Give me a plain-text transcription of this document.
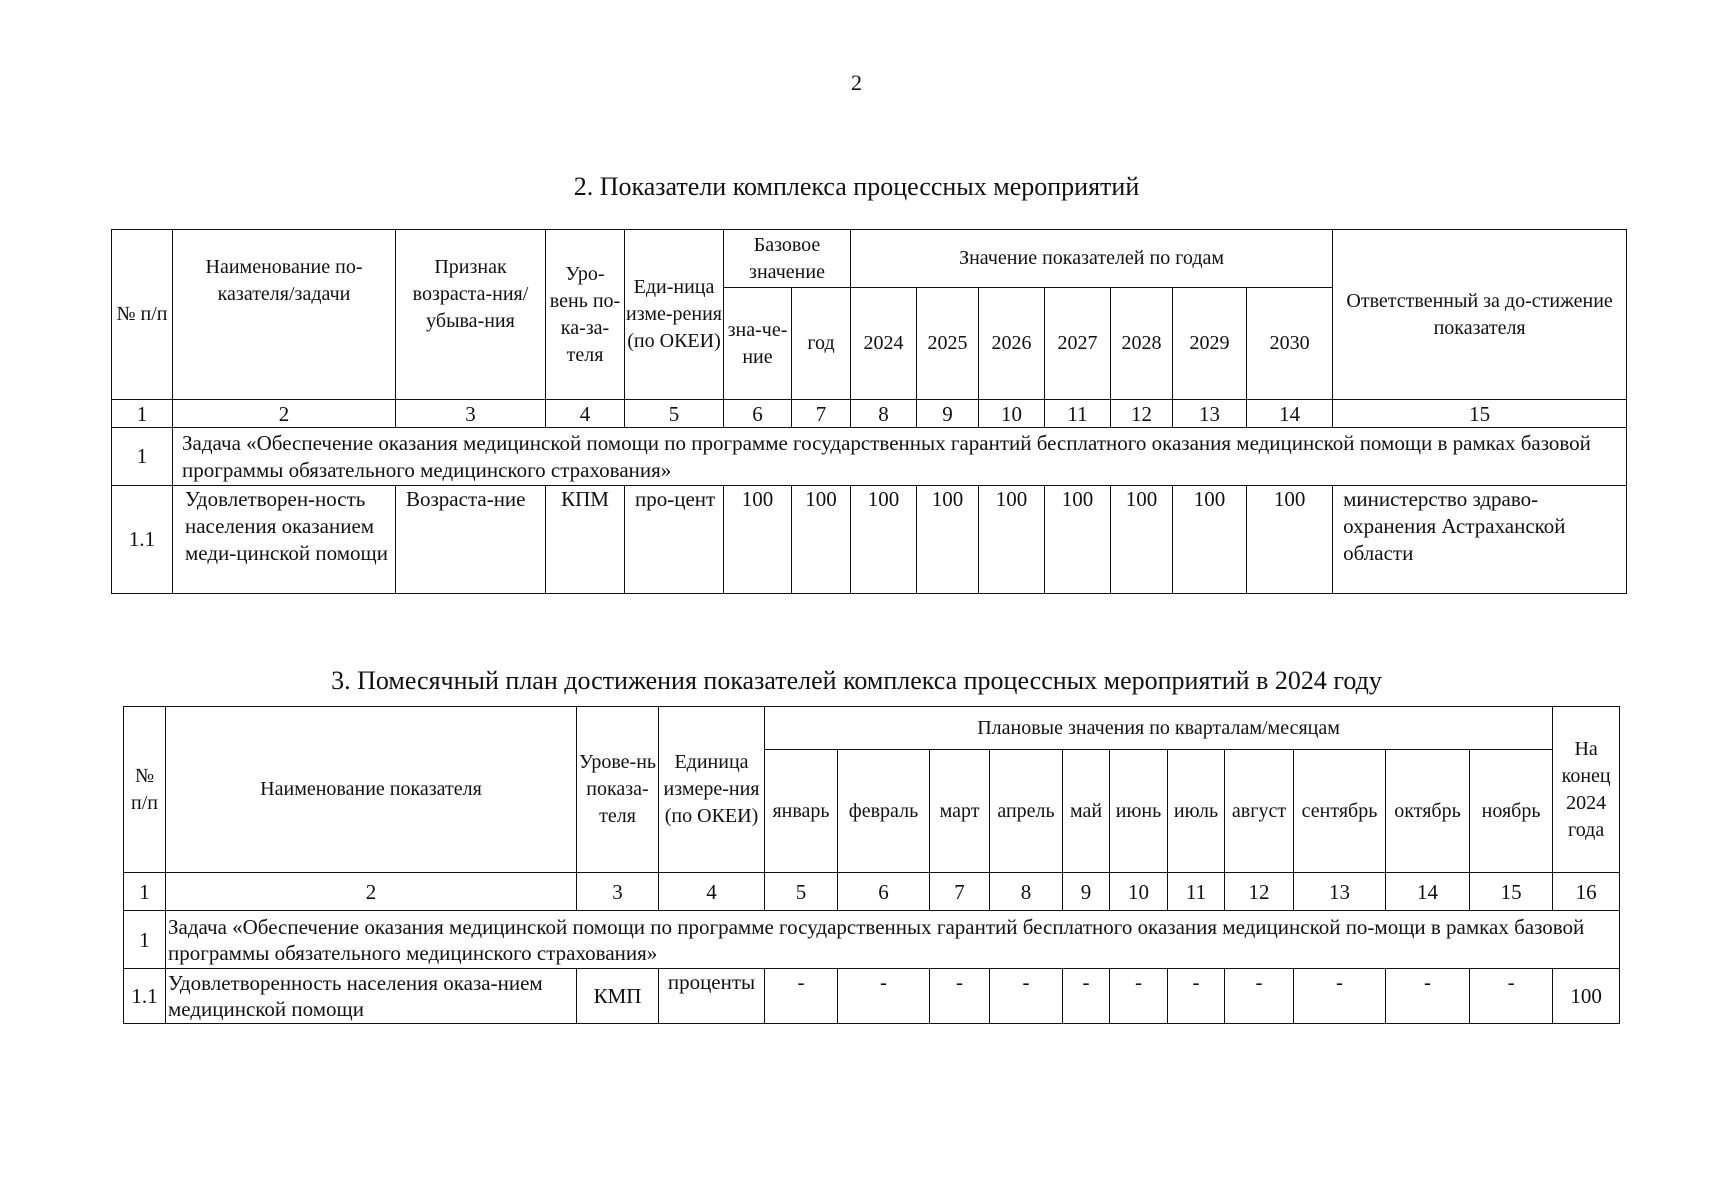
2
2. Показатели комплекса процессных мероприятий
№ п/п	Наименование по-казателя/задачи	Признак возраста-ния/убыва-ния	Уро-вень по-ка-за-теля	Еди-ница изме-рения (по ОКЕИ)	Базовое значение		Значение показателей по годам							Ответственный за до-стижение показателя
					зна-че-ние	год	2024	2025	2026	2027	2028	2029	2030	
1	2	3	4	5	6	7	8	9	10	11	12	13	14	15
1	Задача «Обеспечение оказания медицинской помощи по программе государственных гарантий бесплатного оказания медицинской помощи в рамках базовой программы обязательного медицинского страхования»													
1.1	Удовлетворен-ность населения оказанием меди-цинской помощи	Возраста-ние	КПМ	про-цент	100	100	100	100	100	100	100	100	100	министерство здраво-охранения Астраханской области
3. Помесячный план достижения показателей комплекса процессных мероприятий в 2024 году
№ п/п	Наименование показателя	Урове-нь показа-теля	Единица измере-ния (по ОКЕИ)	Плановые значения по кварталам/месяцам											На конец 2024 года
				январь	февраль	март	апрель	май	июнь	июль	август	сентябрь	октябрь	ноябрь	
1	2	3	4	5	6	7	8	9	10	11	12	13	14	15	16
1	Задача «Обеспечение оказания медицинской помощи по программе государственных гарантий бесплатного оказания медицинской по-мощи в рамках базовой программы обязательного медицинского страхования»														
1.1	Удовлетворенность населения оказа-нием медицинской помощи	КМП	проценты	-	-	-	-	-	-	-	-	-	-	-	100
